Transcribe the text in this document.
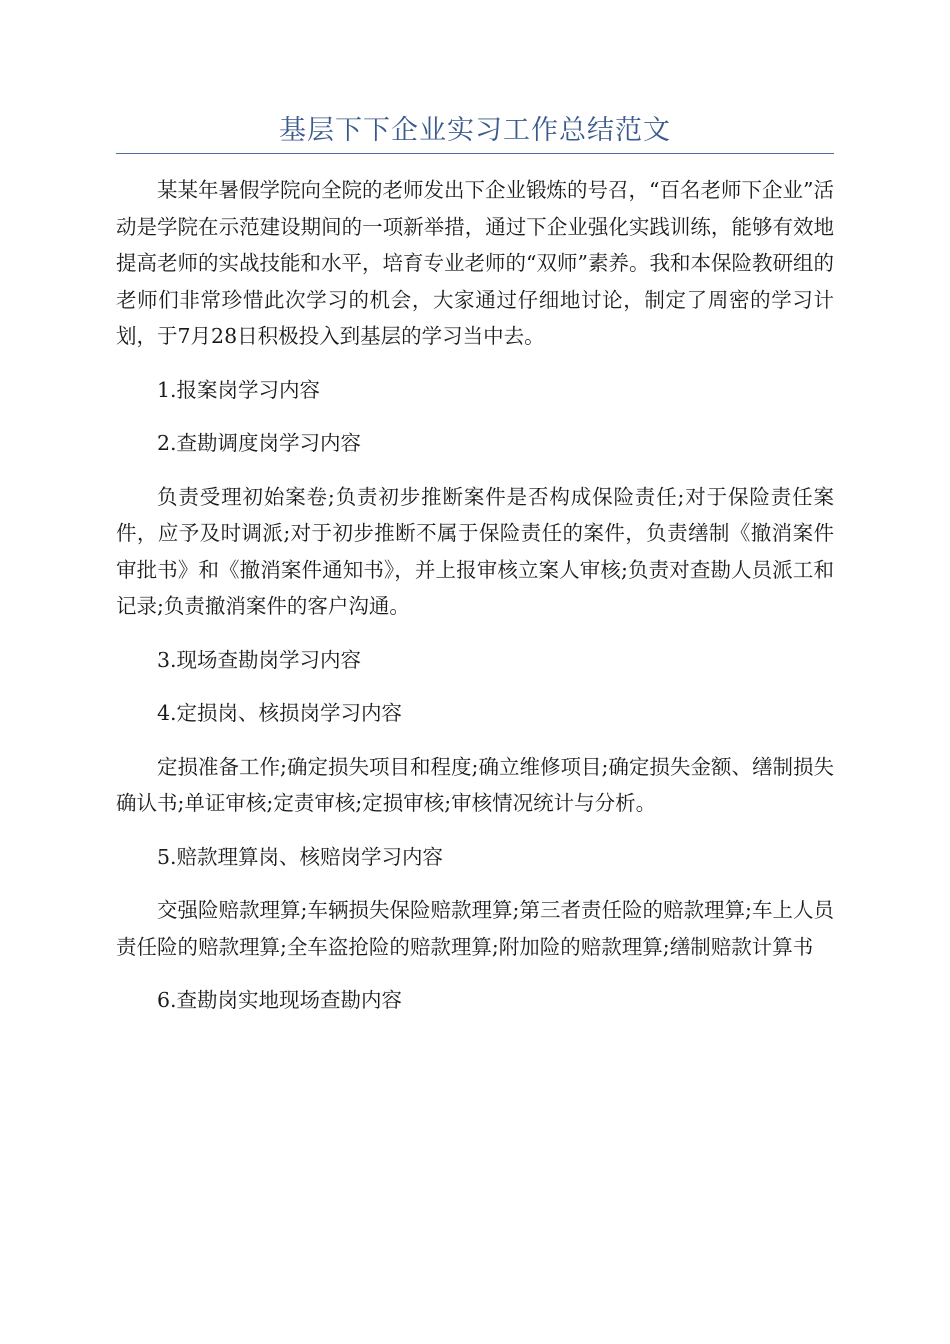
基层下下企业实习工作总结范文

某某年暑假学院向全院的老师发出下企业锻炼的号召，“百名老师下企业”活动是学院在示范建设期间的一项新举措，通过下企业强化实践训练，能够有效地提高老师的实战技能和水平，培育专业老师的“双师”素养。我和本保险教研组的老师们非常珍惜此次学习的机会，大家通过仔细地讨论，制定了周密的学习计划，于7月28日积极投入到基层的学习当中去。

1.报案岗学习内容

2.查勘调度岗学习内容

负责受理初始案卷;负责初步推断案件是否构成保险责任;对于保险责任案件，应予及时调派;对于初步推断不属于保险责任的案件，负责缮制《撤消案件审批书》和《撤消案件通知书》，并上报审核立案人审核;负责对查勘人员派工和记录;负责撤消案件的客户沟通。

3.现场查勘岗学习内容

4.定损岗、核损岗学习内容

定损准备工作;确定损失项目和程度;确立维修项目;确定损失金额、缮制损失确认书;单证审核;定责审核;定损审核;审核情况统计与分析。

5.赔款理算岗、核赔岗学习内容

交强险赔款理算;车辆损失保险赔款理算;第三者责任险的赔款理算;车上人员责任险的赔款理算;全车盗抢险的赔款理算;附加险的赔款理算;缮制赔款计算书

6.查勘岗实地现场查勘内容
